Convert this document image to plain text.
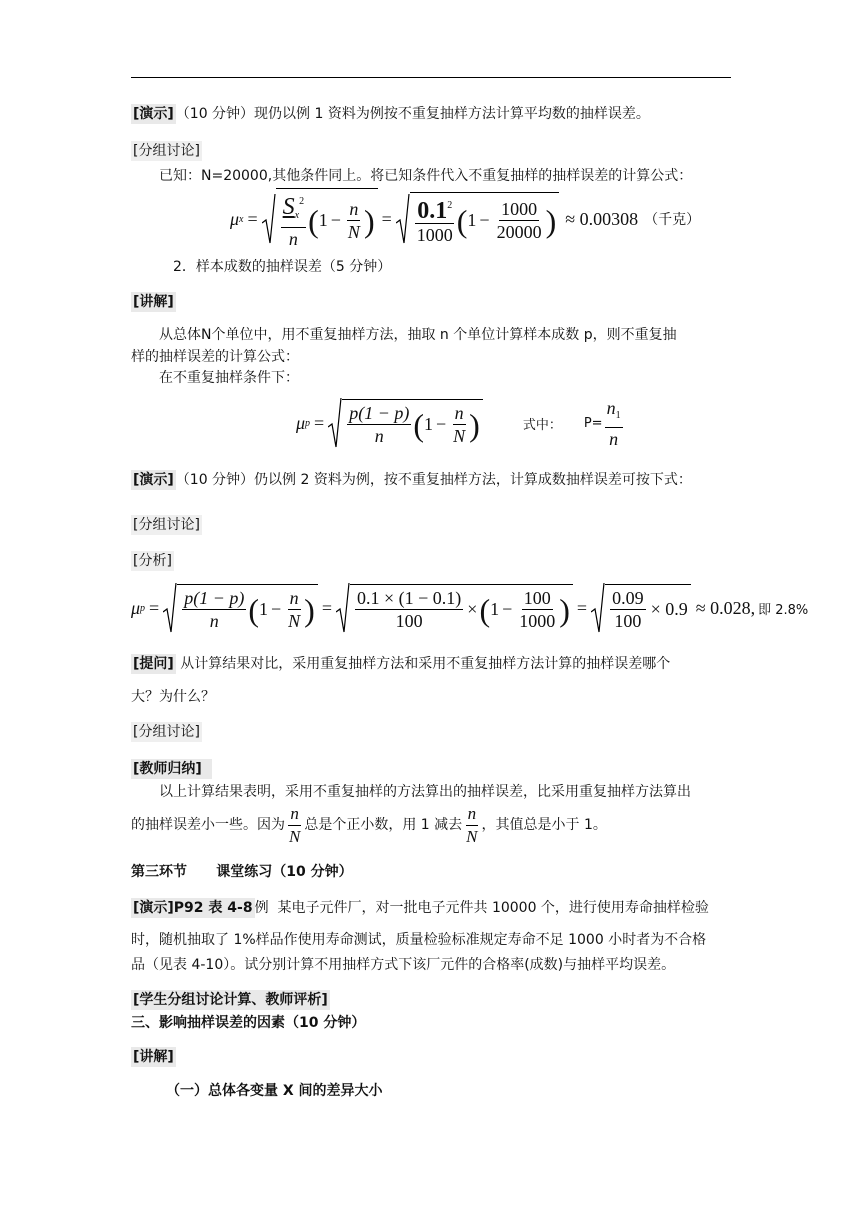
[演示] （10 分钟）现仍以例 1 资料为例按不重复抽样方法计算平均数的抽样误差。
[分组讨论]
已知：N=20000,其他条件同上。将已知条件代入不重复抽样的抽样误差的计算公式：
μ $x = \frac{S_x^2}{n}$ ( $1 - \frac{n}{N}$ ) = $\frac{0.1^2}{1000}$ ( $1 - \frac{1000}{20000}$ ) ≈ 0.00308 （千克）
2．样本成数的抽样误差（5 分钟）
[讲解]
从总体N个单位中，用不重复抽样方法，抽取 n 个单位计算样本成数 p，则不重复抽
样的抽样误差的计算公式：
在不重复抽样条件下：
μ $p = \frac{p(1 - p)}{n}$ ( $1 - \frac{n}{N}$ )	式中： $P= \frac{n_1}{n}$
[演示] （10 分钟）仍以例 2 资料为例，按不重复抽样方法，计算成数抽样误差可按下式：
[分组讨论]
[分析]
μ $p = \frac{p(1 - p)}{n}$ ( $1 - \frac{n}{N}$ ) = $\frac{0.1 \times (1 - 0.1)}{100}$ × ( $1 - \frac{100}{1000}$ ) = $\frac{0.09}{100} \times 0.9 \approx 0.028$, 即 2.8%
[提问] 从计算结果对比，采用重复抽样方法和采用不重复抽样方法计算的抽样误差哪个
大？为什么？
[分组讨论]
[教师归纳]
以上计算结果表明，采用不重复抽样的方法算出的抽样误差，比采用重复抽样方法算出
的抽样误差小一些。因为 $\frac{n}{N}$ 总是个正小数，用 1 减去 $\frac{n}{N}$ ，其值总是小于 1。
第三环节      课堂练习（10 分钟）
[演示]P92 表 4-8 例  某电子元件厂，对一批电子元件共 10000 个，进行使用寿命抽样检验
时，随机抽取了 1%样品作使用寿命测试，质量检验标准规定寿命不足 1000 小时者为不合格
品（见表 4-10）。试分别计算不用抽样方式下该厂元件的合格率(成数)与抽样平均误差。
[学生分组讨论计算、教师评析]
三、影响抽样误差的因素（10 分钟）
[讲解]
（一）总体各变量 X 间的差异大小
